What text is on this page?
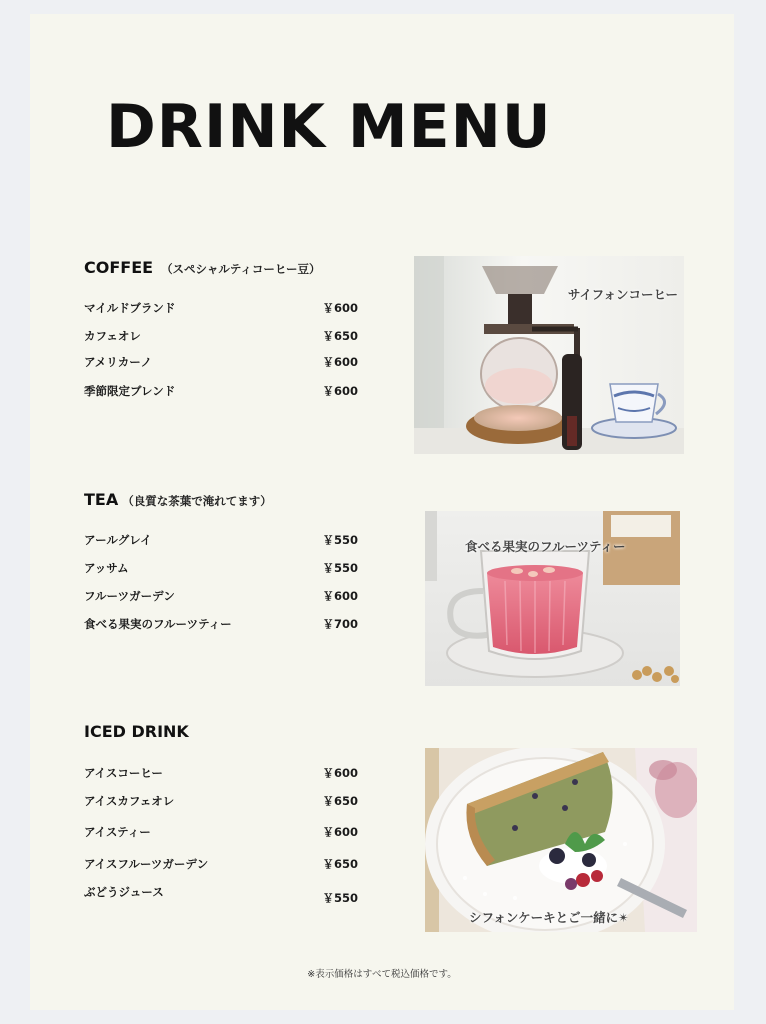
DRINK MENU
COFFEE （スペシャルティコーヒー豆）
マイルドブランド	￥600
カフェオレ	￥650
アメリカーノ	￥600
季節限定ブレンド	￥600
サイフォンコーヒー
TEA （良質な茶葉で淹れてます）
アールグレイ	￥550
アッサム	￥550
フルーツガーデン	￥600
食べる果実のフルーツティー	￥700
食べる果実のフルーツティー
ICED DRINK
アイスコーヒー	￥600
アイスカフェオレ	￥650
アイスティー	￥600
アイスフルーツガーデン	￥650
ぶどうジュース	￥550
シフォンケーキとご一緒に✴︎
※表示価格はすべて税込価格です。
